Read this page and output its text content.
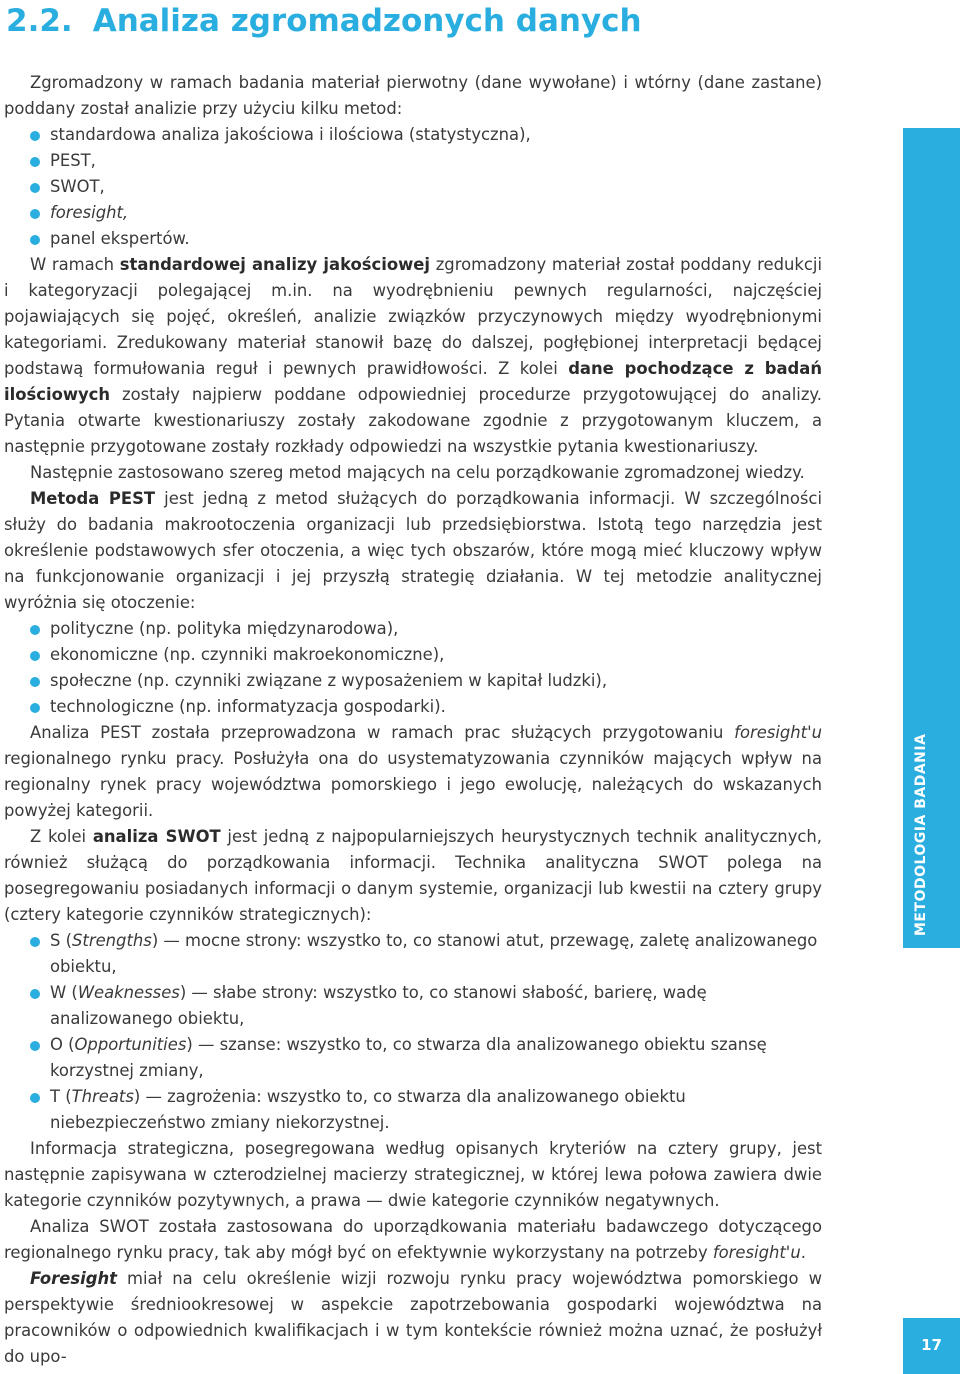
2.2. Analiza zgromadzonych danych

Zgromadzony w ramach badania materiał pierwotny (dane wywołane) i wtórny (dane zastane) poddany został analizie przy użyciu kilku metod:

standardowa analiza jakościowa i ilościowa (statystyczna),
PEST,
SWOT,
foresight,
panel ekspertów.

W ramach standardowej analizy jakościowej zgromadzony materiał został poddany redukcji i kategoryzacji polegającej m.in. na wyodrębnieniu pewnych regularności, najczęściej pojawiających się pojęć, określeń, analizie związków przyczynowych między wyodrębnionymi kategoriami. Zredukowany materiał stanowił bazę do dalszej, pogłębionej interpretacji będącej podstawą formułowania reguł i pewnych prawidłowości. Z kolei dane pochodzące z badań ilościowych zostały najpierw poddane odpowiedniej procedurze przygotowującej do analizy. Pytania otwarte kwestionariuszy zostały zakodowane zgodnie z przygotowanym kluczem, a następnie przygotowane zostały rozkłady odpowiedzi na wszystkie pytania kwestionariuszy.

Następnie zastosowano szereg metod mających na celu porządkowanie zgromadzonej wiedzy.

Metoda PEST jest jedną z metod służących do porządkowania informacji. W szczególności służy do badania makrootoczenia organizacji lub przedsiębiorstwa. Istotą tego narzędzia jest określenie podstawowych sfer otoczenia, a więc tych obszarów, które mogą mieć kluczowy wpływ na funkcjonowanie organizacji i jej przyszłą strategię działania. W tej metodzie analitycznej wyróżnia się otoczenie:

polityczne (np. polityka międzynarodowa),
ekonomiczne (np. czynniki makroekonomiczne),
społeczne (np. czynniki związane z wyposażeniem w kapitał ludzki),
technologiczne (np. informatyzacja gospodarki).

Analiza PEST została przeprowadzona w ramach prac służących przygotowaniu foresight'u regionalnego rynku pracy. Posłużyła ona do usystematyzowania czynników mających wpływ na regionalny rynek pracy województwa pomorskiego i jego ewolucję, należących do wskazanych powyżej kategorii.

Z kolei analiza SWOT jest jedną z najpopularniejszych heurystycznych technik analitycznych, również służącą do porządkowania informacji. Technika analityczna SWOT polega na posegregowaniu posiadanych informacji o danym systemie, organizacji lub kwestii na cztery grupy (cztery kategorie czynników strategicznych):

S (Strengths) — mocne strony: wszystko to, co stanowi atut, przewagę, zaletę analizowanego obiektu,
W (Weaknesses) — słabe strony: wszystko to, co stanowi słabość, barierę, wadę analizowanego obiektu,
O (Opportunities) — szanse: wszystko to, co stwarza dla analizowanego obiektu szansę korzystnej zmiany,
T (Threats) — zagrożenia: wszystko to, co stwarza dla analizowanego obiektu niebezpieczeństwo zmiany niekorzystnej.

Informacja strategiczna, posegregowana według opisanych kryteriów na cztery grupy, jest następnie zapisywana w czterodzielnej macierzy strategicznej, w której lewa połowa zawiera dwie kategorie czynników pozytywnych, a prawa — dwie kategorie czynników negatywnych.

Analiza SWOT została zastosowana do uporządkowania materiału badawczego dotyczącego regionalnego rynku pracy, tak aby mógł być on efektywnie wykorzystany na potrzeby foresight'u.

Foresight miał na celu określenie wizji rozwoju rynku pracy województwa pomorskiego w perspektywie średniookresowej w aspekcie zapotrzebowania gospodarki województwa na pracowników o odpowiednich kwalifikacjach i w tym kontekście również można uznać, że posłużył do upo-

METODOLOGIA BADANIA
17
